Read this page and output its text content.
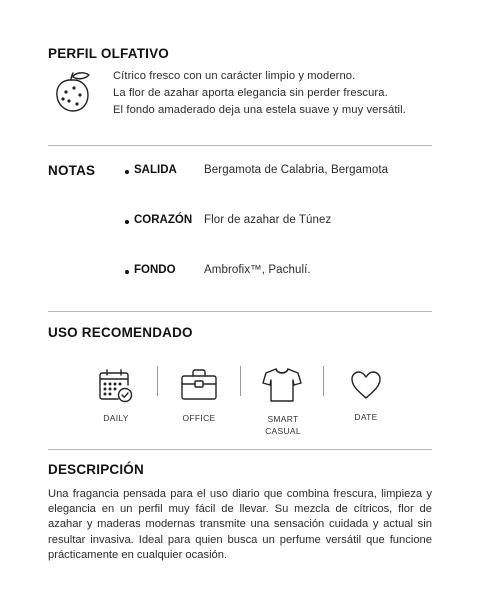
PERFIL OLFATIVO
Cítrico fresco con un carácter limpio y moderno.
La flor de azahar aporta elegancia sin perder frescura.
El fondo amaderado deja una estela suave y muy versátil.
NOTAS	SALIDA Bergamota de Calabria, Bergamota
CORAZÓN Flor de azahar de Túnez
FONDO Ambrofix™, Pachulí.
USO RECOMENDADO
DAILY	OFFICE	SMART
CASUAL
DATE
DESCRIPCIÓN
Una fragancia pensada para el uso diario que combina frescura, limpieza y elegancia en un perfil muy fácil de llevar. Su mezcla de cítricos, flor de azahar y maderas modernas transmite una sensación cuidada y actual sin resultar invasiva. Ideal para quien busca un perfume versátil que funcione prácticamente en cualquier ocasión.
